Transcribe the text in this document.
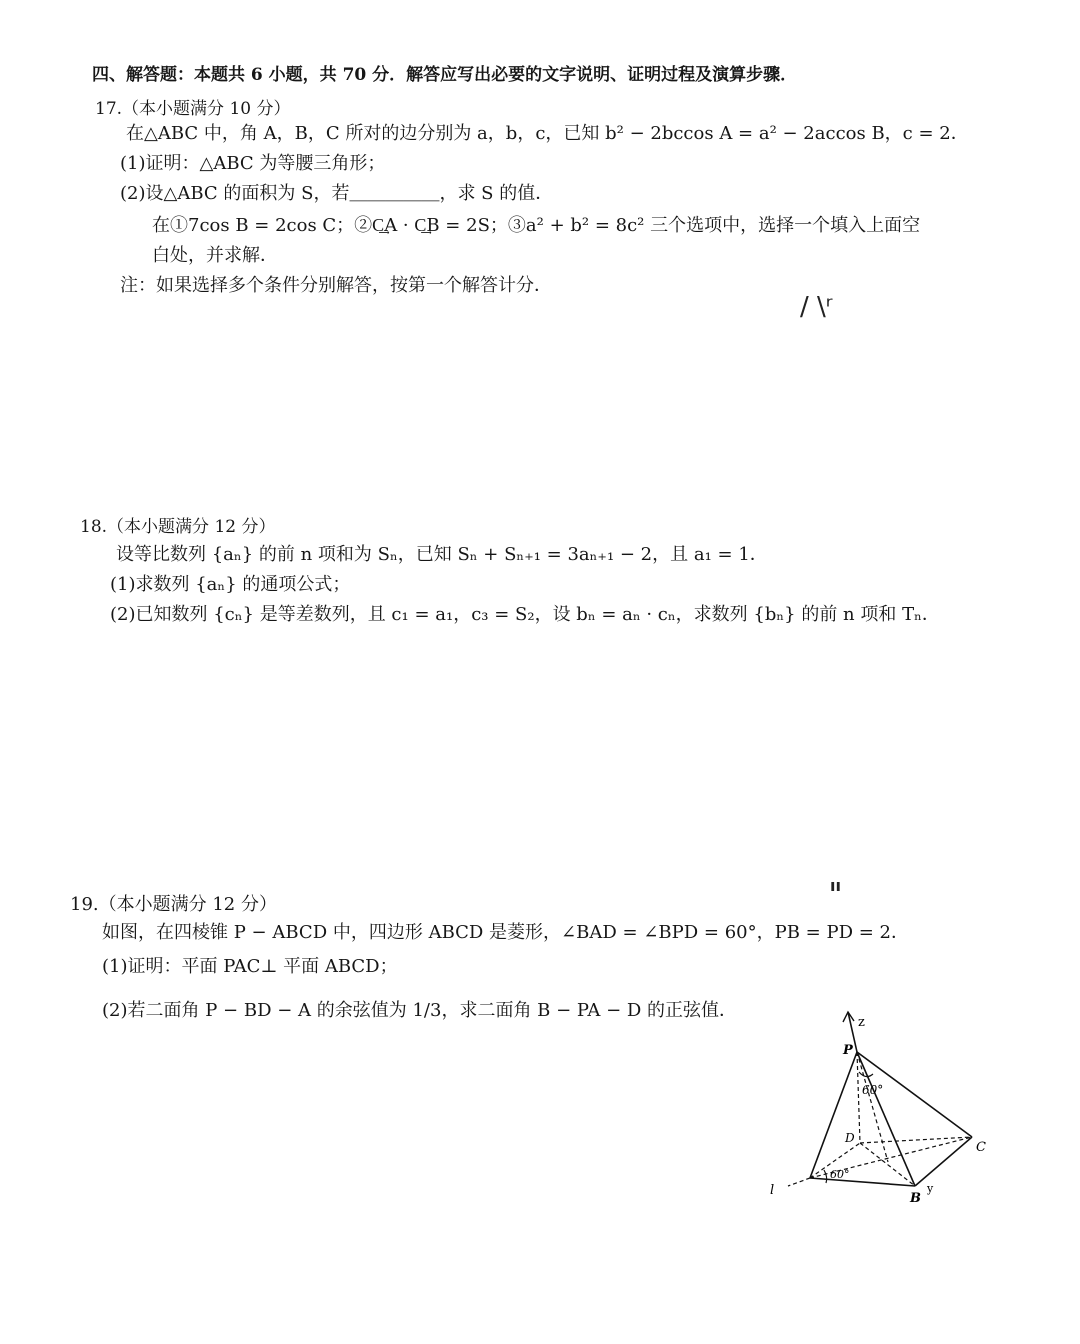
四、解答题：本题共 6 小题，共 70 分．解答应写出必要的文字说明、证明过程及演算步骤．
17.（本小题满分 10 分）
在△ABC 中，角 A，B，C 所对的边分别为 a，b，c，已知 b² − 2bccos A = a² − 2accos B，c = 2．
(1)证明：△ABC 为等腰三角形；
(2)设△ABC 的面积为 S，若＿＿＿＿＿，求 S 的值．
在①7cos B = 2cos C；②C͢A · C͢B = 2S；③a² + b² = 8c² 三个选项中，选择一个填入上面空
白处，并求解．
注：如果选择多个条件分别解答，按第一个解答计分．
/ \ʳ
18.（本小题满分 12 分）
设等比数列 {aₙ} 的前 n 项和为 Sₙ，已知 Sₙ + Sₙ₊₁ = 3aₙ₊₁ − 2，且 a₁ = 1．
(1)求数列 {aₙ} 的通项公式；
(2)已知数列 {cₙ} 是等差数列，且 c₁ = a₁，c₃ = S₂，设 bₙ = aₙ · cₙ，求数列 {bₙ} 的前 n 项和 Tₙ．
ıı
19.（本小题满分 12 分）
如图，在四棱锥 P − ABCD 中，四边形 ABCD 是菱形，∠BAD = ∠BPD = 60°，PB = PD = 2．
(1)证明：平面 PAC⊥ 平面 ABCD；
(2)若二面角 P − BD − A 的余弦值为 1/3，求二面角 B − PA − D 的正弦值．
z
P
60°
D
C
60°
B
y
l
